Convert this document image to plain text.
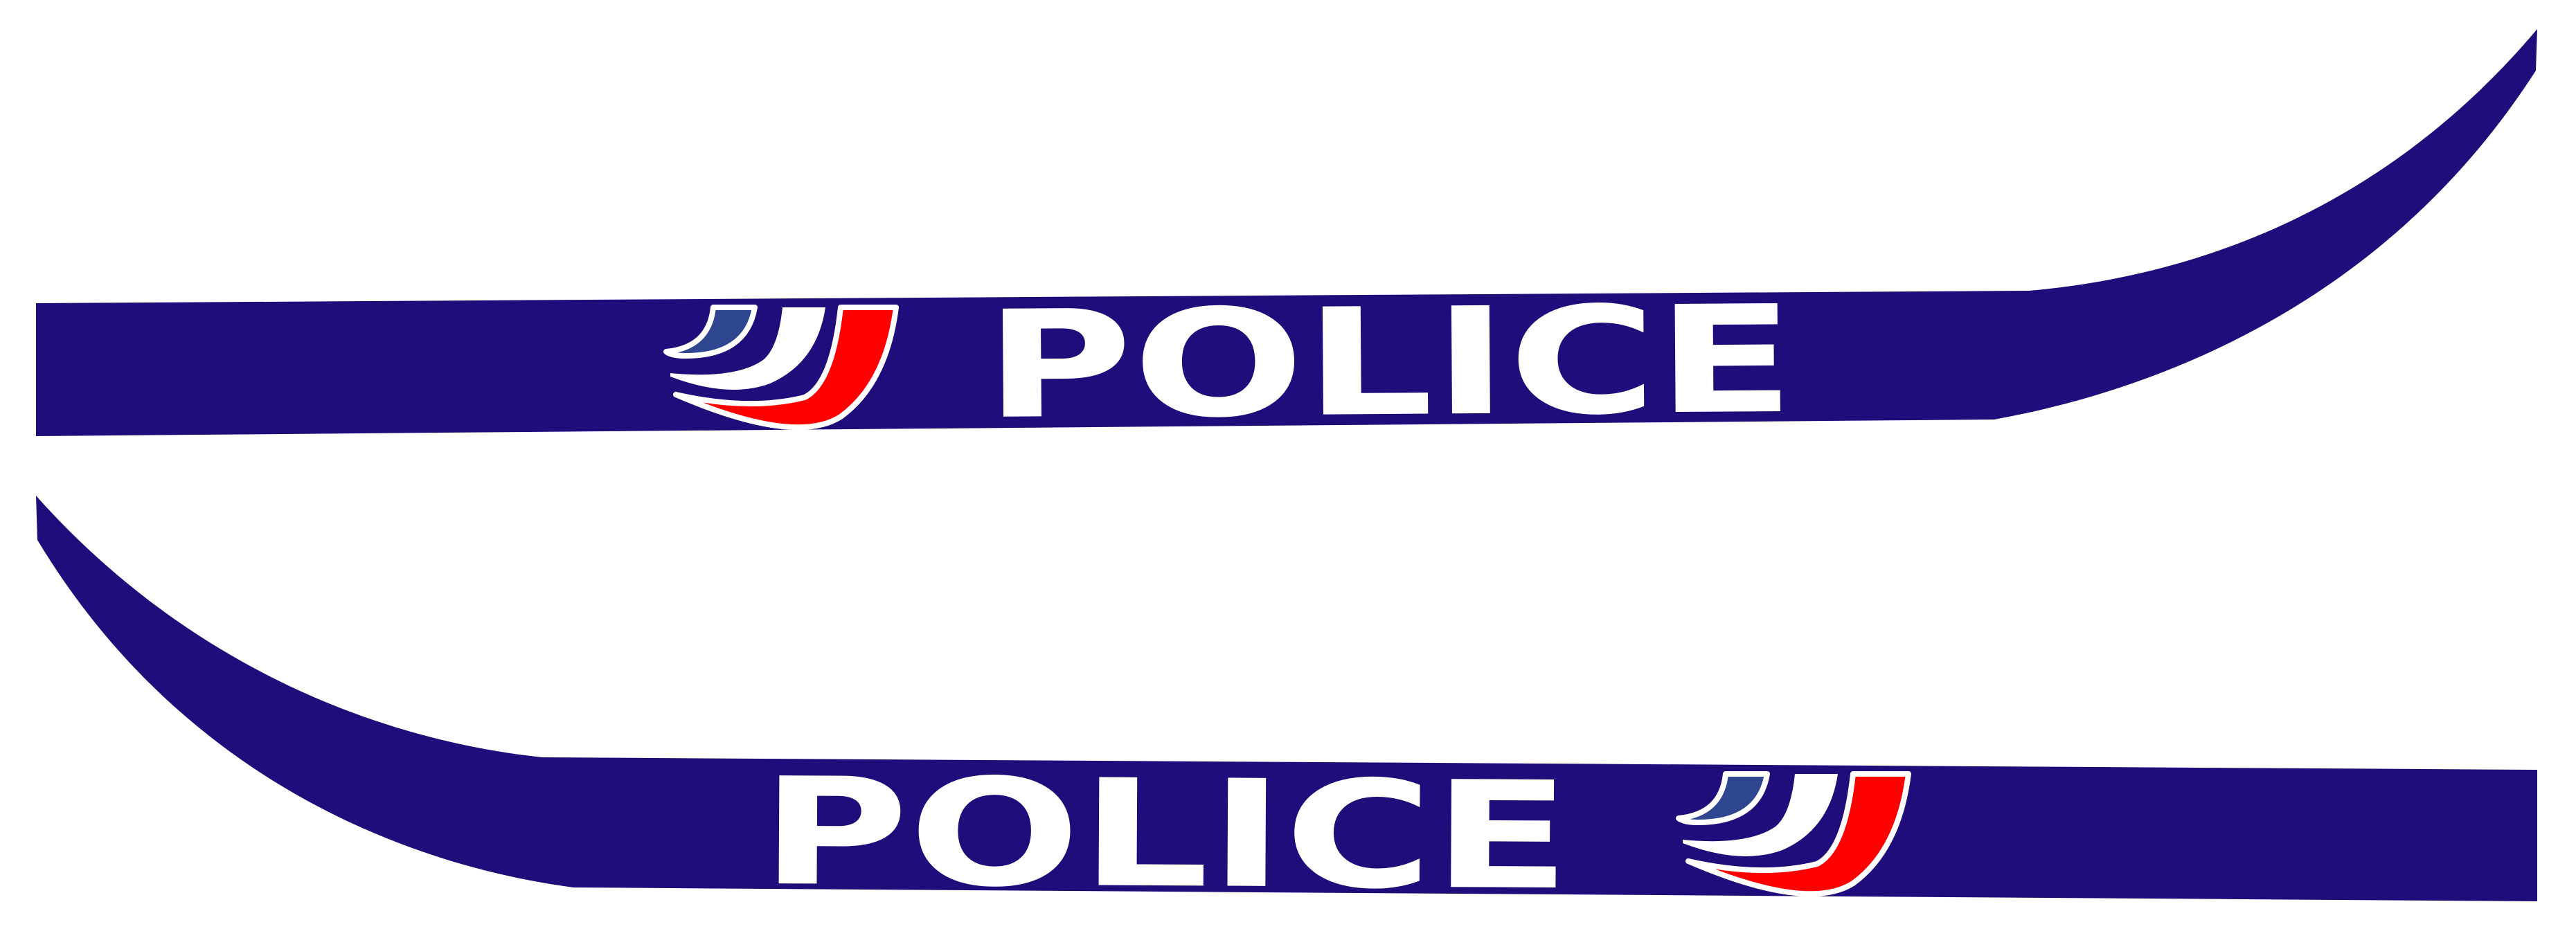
POLICE
POLICE
